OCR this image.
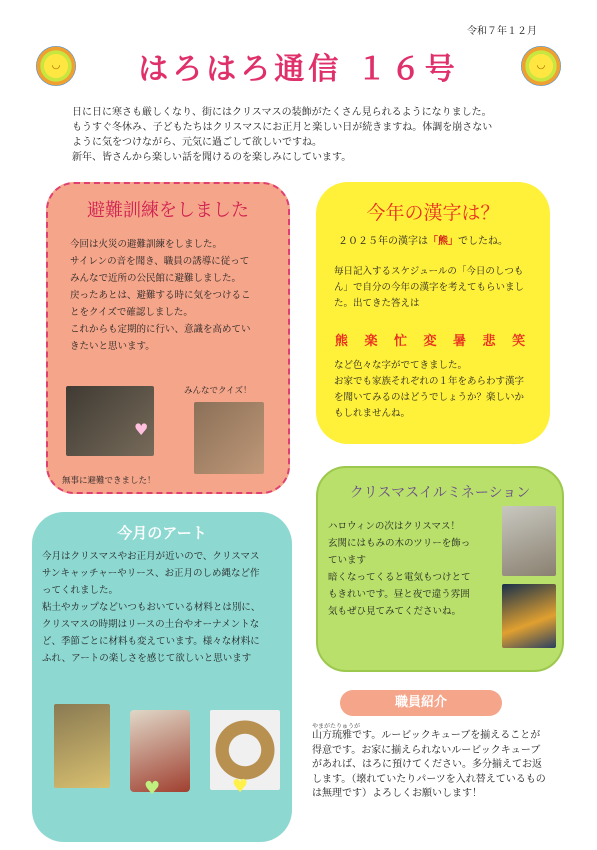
令和７年１２月
◡	◡
はろはろ通信 １６号
日に日に寒さも厳しくなり、街にはクリスマスの装飾がたくさん見られるようになりました。
もうすぐ冬休み、子どもたちはクリスマスにお正月と楽しい日が続きますね。体調を崩さない
ように気をつけながら、元気に過ごして欲しいですね。
新年、皆さんから楽しい話を聞けるのを楽しみにしています。
避難訓練をしました
今回は火災の避難訓練をしました。
サイレンの音を聞き、職員の誘導に従って
みんなで近所の公民館に避難しました。
戻ったあとは、避難する時に気をつけるこ
とをクイズで確認しました。
これからも定期的に行い、意識を高めてい
きたいと思います。
♥
みんなでクイズ！
無事に避難できました！
今年の漢字は？
２０２５年の漢字は「熊」でしたね。
毎日記入するスケジュールの「今日のしつも
ん」で自分の今年の漢字を考えてもらいまし
た。出てきた答えは
熊 楽 忙 変 暑 悲 笑
など色々な字がでてきました。
お家でも家族それぞれの１年をあらわす漢字
を聞いてみるのはどうでしょうか？楽しいか
もしれませんね。
今月のアート
今月はクリスマスやお正月が近いので、クリスマス
サンキャッチャーやリース、お正月のしめ縄など作
ってくれました。
粘土やカップなどいつもおいている材料とは別に、
クリスマスの時期はリースの土台やオーナメントな
ど、季節ごとに材料も変えています。様々な材料に
ふれ、アートの楽しさを感じて欲しいと思います
♥	♥
クリスマスイルミネーション
ハロウィンの次はクリスマス！
玄関にはもみの木のツリーを飾っ
ています
暗くなってくると電気もつけとて
もきれいです。昼と夜で違う雰囲
気もぜひ見てみてくださいね。
職員紹介
やまがたりゅうが
山方琉雅です。ルービックキューブを揃えることが
得意です。お家に揃えられないルービックキューブ
があれば、はろに預けてください。多分揃えてお返
します。（壊れていたりパーツを入れ替えているもの
は無理です）よろしくお願いします！
